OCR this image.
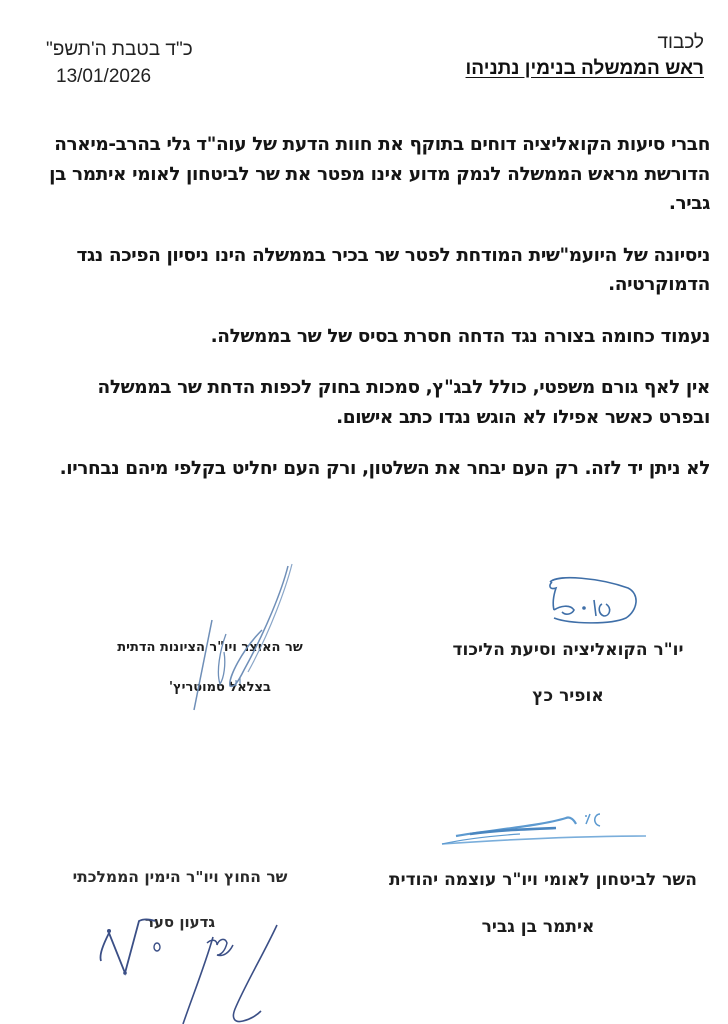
לכבוד
ראש הממשלה בנימין נתניהו
כ"ד בטבת ה'תשפ"
13/01/2026

חברי סיעות הקואליציה דוחים בתוקף את חוות הדעת של עוה"ד גלי בהרב-מיארה הדורשת מראש הממשלה לנמק מדוע אינו מפטר את שר לביטחון לאומי איתמר בן גביר.

ניסיונה של היועמ"שית המודחת לפטר שר בכיר בממשלה הינו ניסיון הפיכה נגד הדמוקרטיה.

נעמוד כחומה בצורה נגד הדחה חסרת בסיס של שר בממשלה.

אין לאף גורם משפטי, כולל לבג"ץ, סמכות בחוק לכפות הדחת שר בממשלה ובפרט כאשר אפילו לא הוגש נגדו כתב אישום.

לא ניתן יד לזה. רק העם יבחר את השלטון, ורק העם יחליט בקלפי מיהם נבחריו.

יו"ר הקואליציה וסיעת הליכוד
אופיר כץ
שר האוצר ויו"ר הציונות הדתית
בצלאל סמוטריץ'
השר לביטחון לאומי ויו"ר עוצמה יהודית
איתמר בן גביר
שר החוץ ויו"ר הימין הממלכתי
גדעון סער
